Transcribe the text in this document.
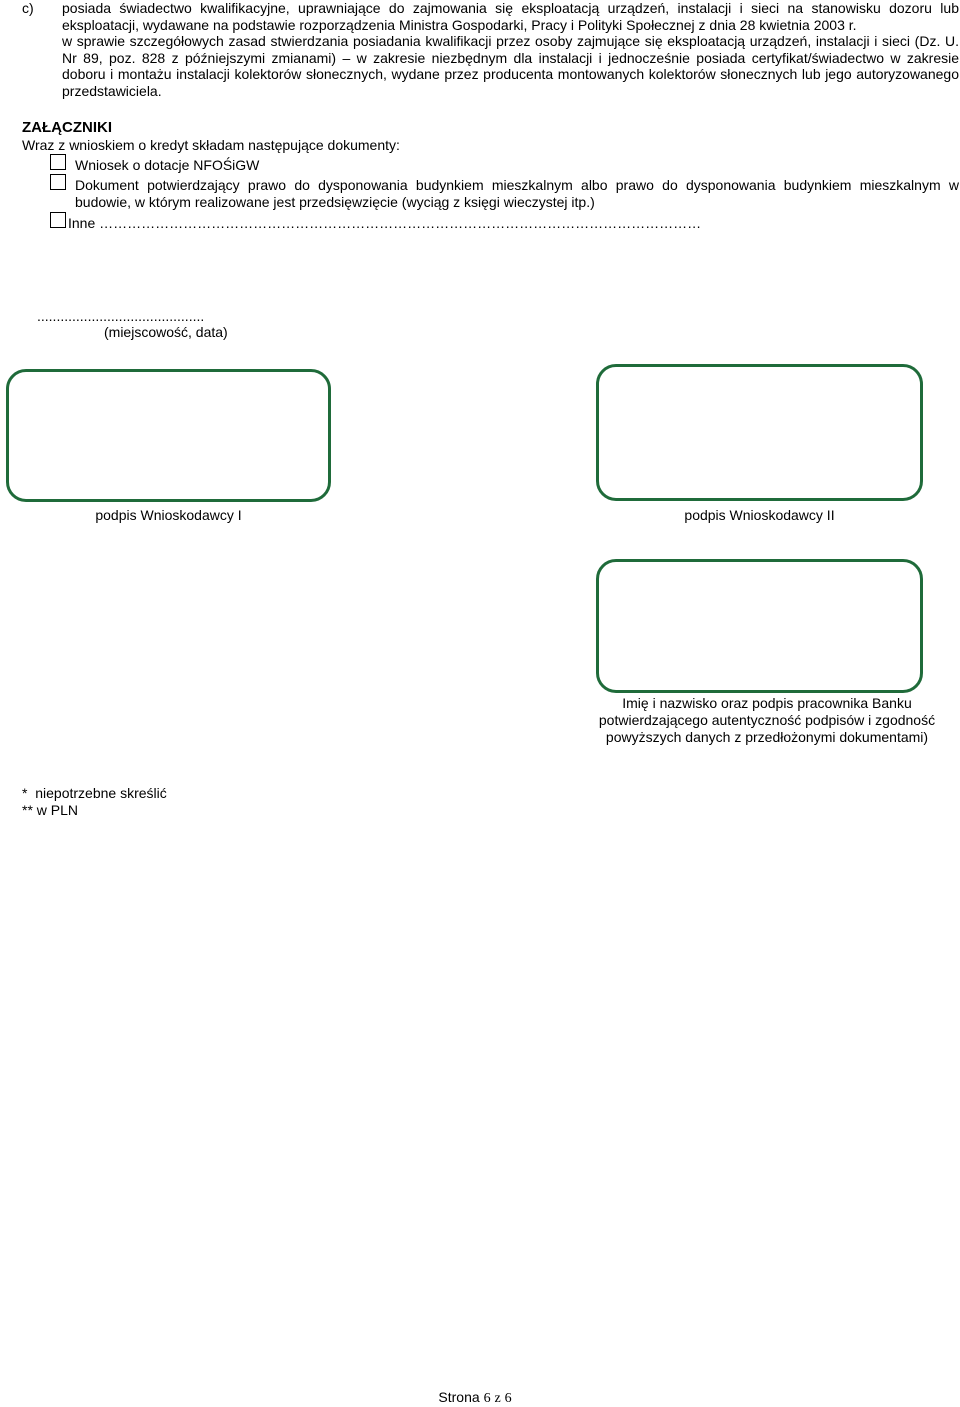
c) posiada świadectwo kwalifikacyjne, uprawniające do zajmowania się eksploatacją urządzeń, instalacji i sieci na stanowisku dozoru lub eksploatacji, wydawane na podstawie rozporządzenia Ministra Gospodarki, Pracy i Polityki Społecznej z dnia 28 kwietnia 2003 r.
w sprawie szczegółowych zasad stwierdzania posiadania kwalifikacji przez osoby zajmujące się eksploatacją urządzeń, instalacji i sieci (Dz. U. Nr 89, poz. 828 z późniejszymi zmianami) – w zakresie niezbędnym dla instalacji i jednocześnie posiada certyfikat/świadectwo w zakresie doboru i montażu instalacji kolektorów słonecznych, wydane przez producenta montowanych kolektorów słonecznych lub jego autoryzowanego przedstawiciela.
ZAŁĄCZNIKI
Wraz z wnioskiem o kredyt składam następujące dokumenty:
Wniosek o dotacje NFOŚiGW
Dokument potwierdzający prawo do dysponowania budynkiem mieszkalnym albo prawo do dysponowania budynkiem mieszkalnym w budowie, w którym realizowane jest przedsięwzięcie (wyciąg z księgi wieczystej itp.)
Inne …………………………………………………………………………………………………………………
...........................................
(miejscowość, data)
podpis Wnioskodawcy I	podpis Wnioskodawcy II
Imię i nazwisko oraz podpis pracownika Banku
potwierdzającego autentyczność podpisów i zgodność
powyższych danych z przedłożonymi dokumentami)
*  niepotrzebne skreślić
** w PLN
Strona 6 z 6
